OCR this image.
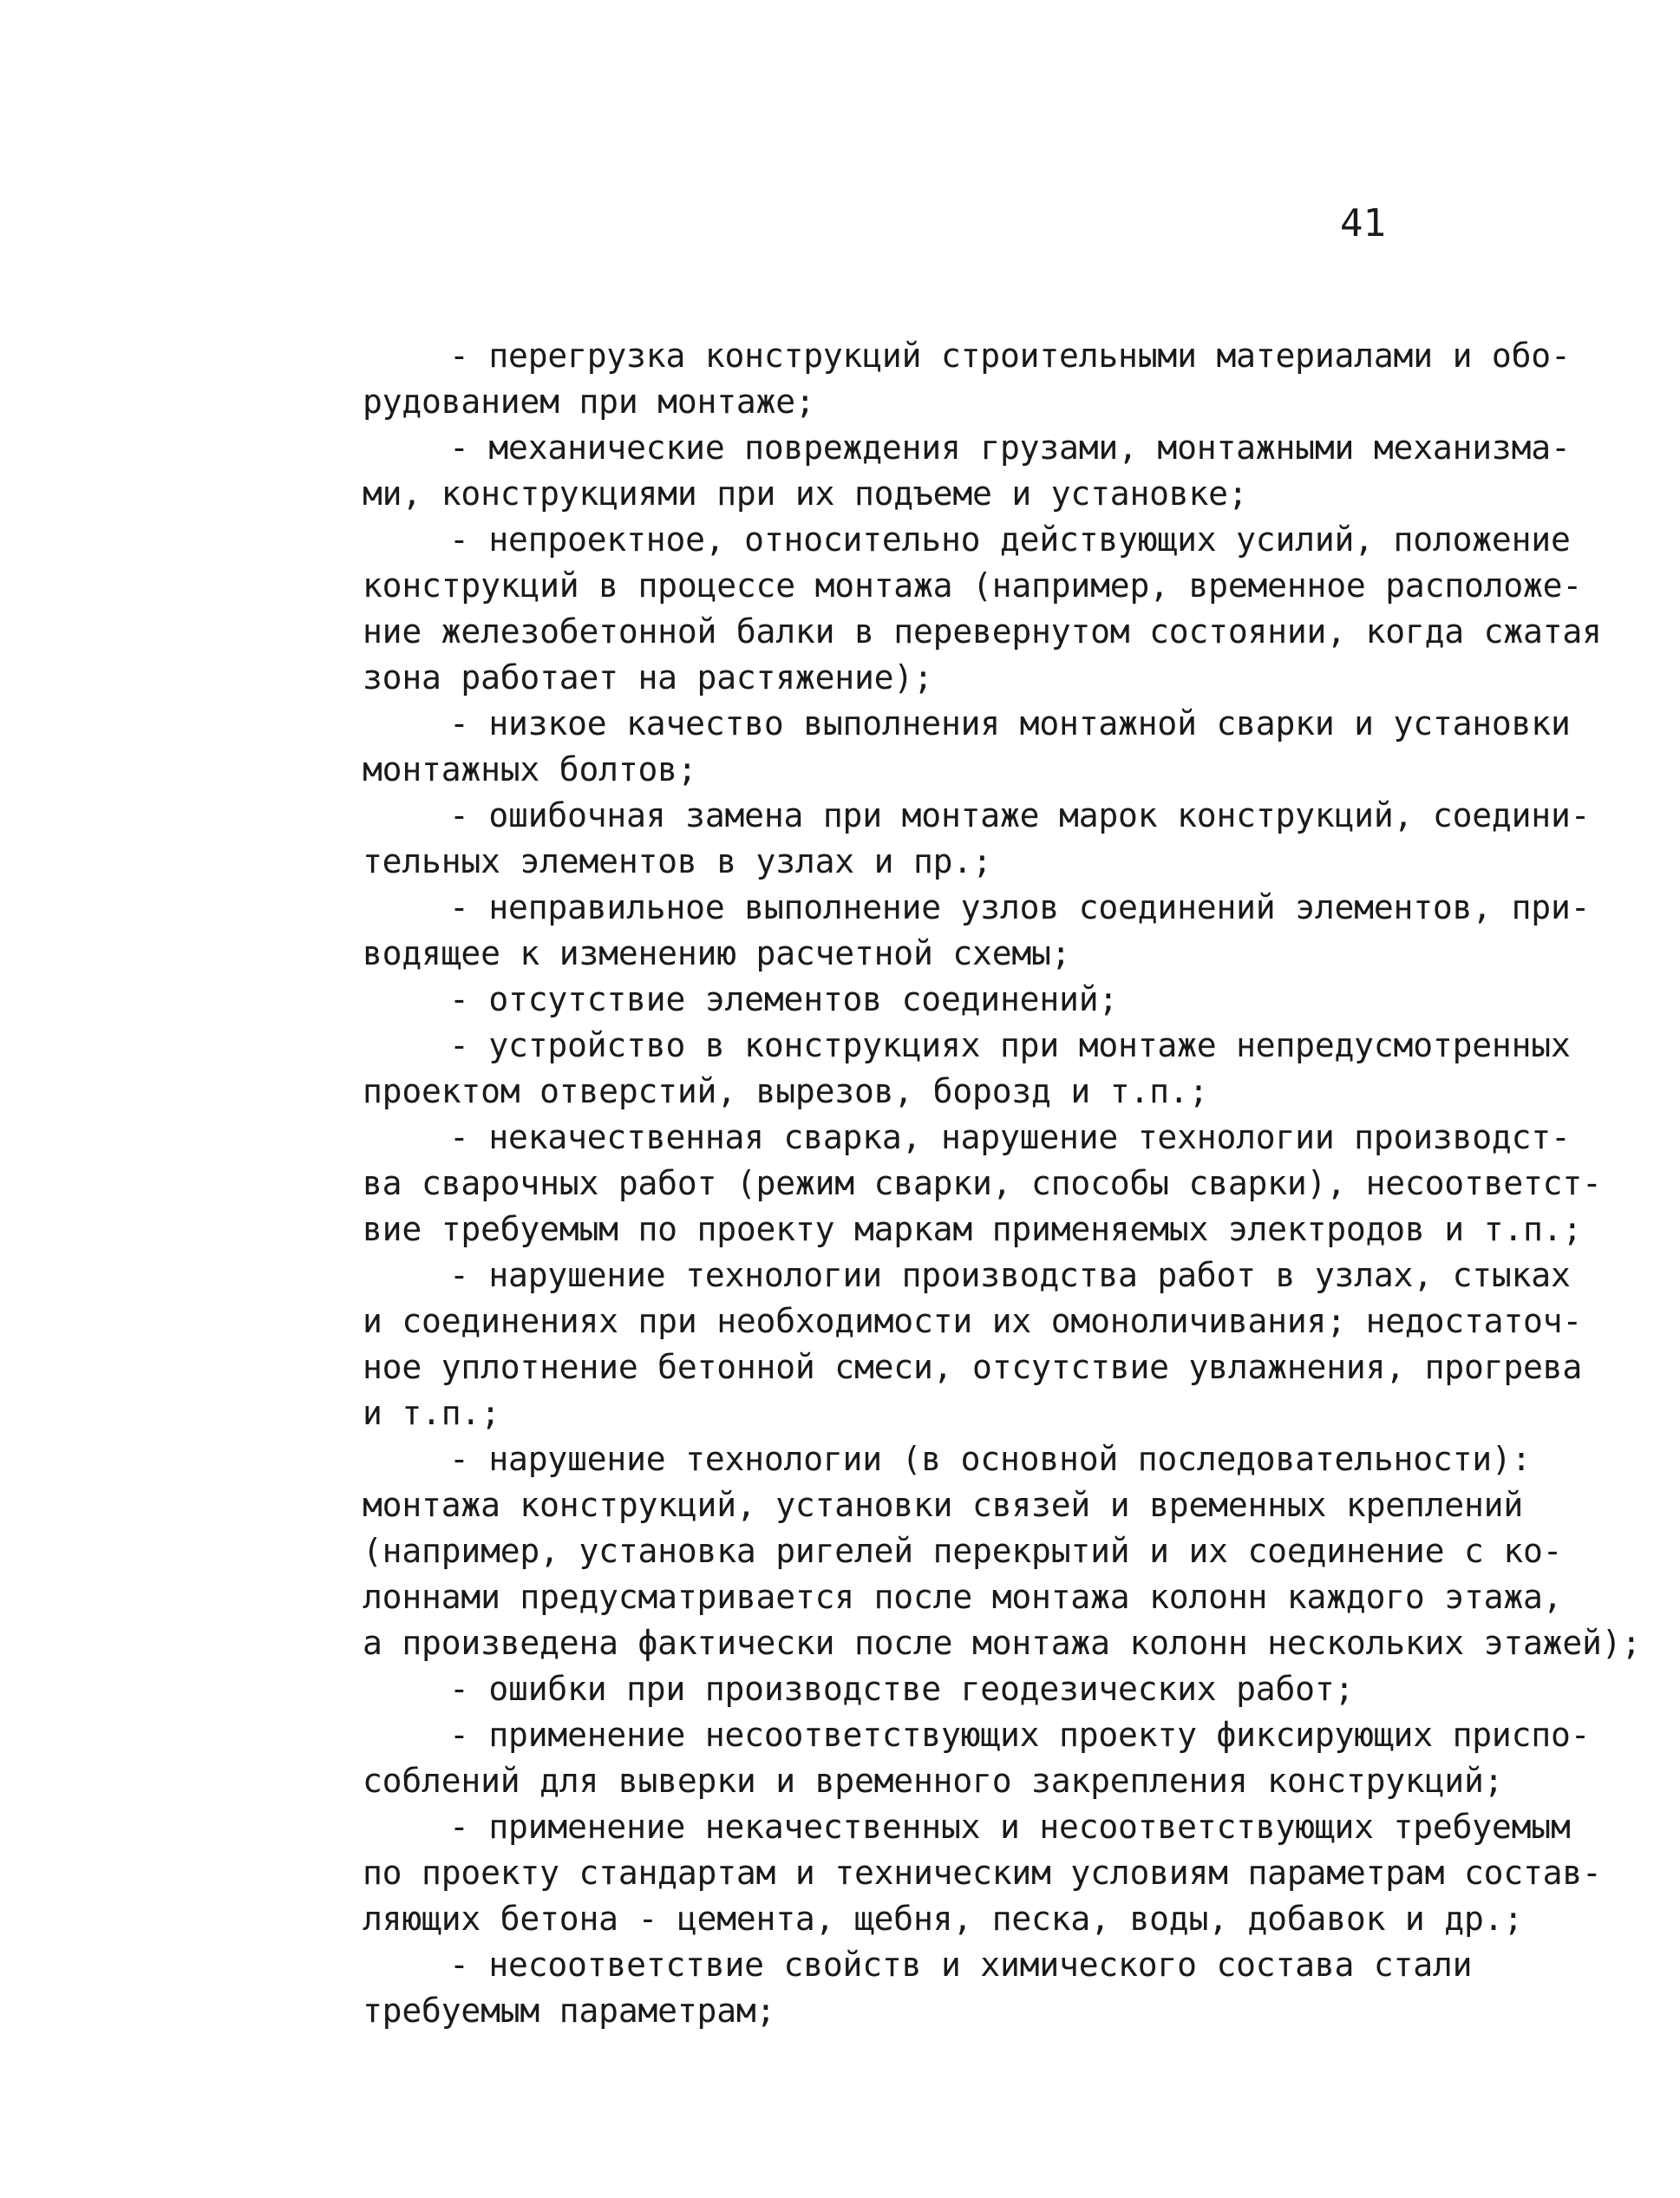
41
- перегрузка конструкций строительными материалами и обо-
рудованием при монтаже;
- механические повреждения грузами, монтажными механизма-
ми, конструкциями при их подъеме и установке;
- непроектное, относительно действующих усилий, положение
конструкций в процессе монтажа (например, временное расположе-
ние железобетонной балки в перевернутом состоянии, когда сжатая
зона работает на растяжение);
- низкое качество выполнения монтажной сварки и установки
монтажных болтов;
- ошибочная замена при монтаже марок конструкций, соедини-
тельных элементов в узлах и пр.;
- неправильное выполнение узлов соединений элементов, при-
водящее к изменению расчетной схемы;
- отсутствие элементов соединений;
- устройство в конструкциях при монтаже непредусмотренных
проектом отверстий, вырезов, борозд и т.п.;
- некачественная сварка, нарушение технологии производст-
ва сварочных работ (режим сварки, способы сварки), несоответст-
вие требуемым по проекту маркам применяемых электродов и т.п.;
- нарушение технологии производства работ в узлах, стыках
и соединениях при необходимости их омоноличивания; недостаточ-
ное уплотнение бетонной смеси, отсутствие увлажнения, прогрева
и т.п.;
- нарушение технологии (в основной последовательности):
монтажа конструкций, установки связей и временных креплений
(например, установка ригелей перекрытий и их соединение с ко-
лоннами предусматривается после монтажа колонн каждого этажа,
а произведена фактически после монтажа колонн нескольких этажей);
- ошибки при производстве геодезических работ;
- применение несоответствующих проекту фиксирующих приспо-
соблений для выверки и временного закрепления конструкций;
- применение некачественных и несоответствующих требуемым
по проекту стандартам и техническим условиям параметрам состав-
ляющих бетона - цемента, щебня, песка, воды, добавок и др.;
- несоответствие свойств и химического состава стали
требуемым параметрам;
